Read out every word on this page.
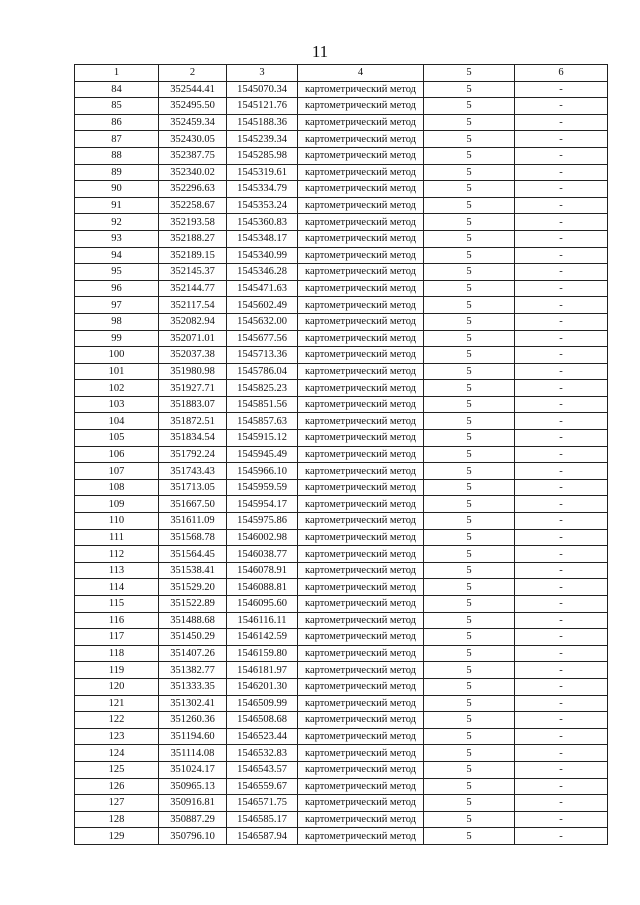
11
1	2	3	4	5	6
84	352544.41	1545070.34	картометрический метод	5	-
85	352495.50	1545121.76	картометрический метод	5	-
86	352459.34	1545188.36	картометрический метод	5	-
87	352430.05	1545239.34	картометрический метод	5	-
88	352387.75	1545285.98	картометрический метод	5	-
89	352340.02	1545319.61	картометрический метод	5	-
90	352296.63	1545334.79	картометрический метод	5	-
91	352258.67	1545353.24	картометрический метод	5	-
92	352193.58	1545360.83	картометрический метод	5	-
93	352188.27	1545348.17	картометрический метод	5	-
94	352189.15	1545340.99	картометрический метод	5	-
95	352145.37	1545346.28	картометрический метод	5	-
96	352144.77	1545471.63	картометрический метод	5	-
97	352117.54	1545602.49	картометрический метод	5	-
98	352082.94	1545632.00	картометрический метод	5	-
99	352071.01	1545677.56	картометрический метод	5	-
100	352037.38	1545713.36	картометрический метод	5	-
101	351980.98	1545786.04	картометрический метод	5	-
102	351927.71	1545825.23	картометрический метод	5	-
103	351883.07	1545851.56	картометрический метод	5	-
104	351872.51	1545857.63	картометрический метод	5	-
105	351834.54	1545915.12	картометрический метод	5	-
106	351792.24	1545945.49	картометрический метод	5	-
107	351743.43	1545966.10	картометрический метод	5	-
108	351713.05	1545959.59	картометрический метод	5	-
109	351667.50	1545954.17	картометрический метод	5	-
110	351611.09	1545975.86	картометрический метод	5	-
111	351568.78	1546002.98	картометрический метод	5	-
112	351564.45	1546038.77	картометрический метод	5	-
113	351538.41	1546078.91	картометрический метод	5	-
114	351529.20	1546088.81	картометрический метод	5	-
115	351522.89	1546095.60	картометрический метод	5	-
116	351488.68	1546116.11	картометрический метод	5	-
117	351450.29	1546142.59	картометрический метод	5	-
118	351407.26	1546159.80	картометрический метод	5	-
119	351382.77	1546181.97	картометрический метод	5	-
120	351333.35	1546201.30	картометрический метод	5	-
121	351302.41	1546509.99	картометрический метод	5	-
122	351260.36	1546508.68	картометрический метод	5	-
123	351194.60	1546523.44	картометрический метод	5	-
124	351114.08	1546532.83	картометрический метод	5	-
125	351024.17	1546543.57	картометрический метод	5	-
126	350965.13	1546559.67	картометрический метод	5	-
127	350916.81	1546571.75	картометрический метод	5	-
128	350887.29	1546585.17	картометрический метод	5	-
129	350796.10	1546587.94	картометрический метод	5	-
